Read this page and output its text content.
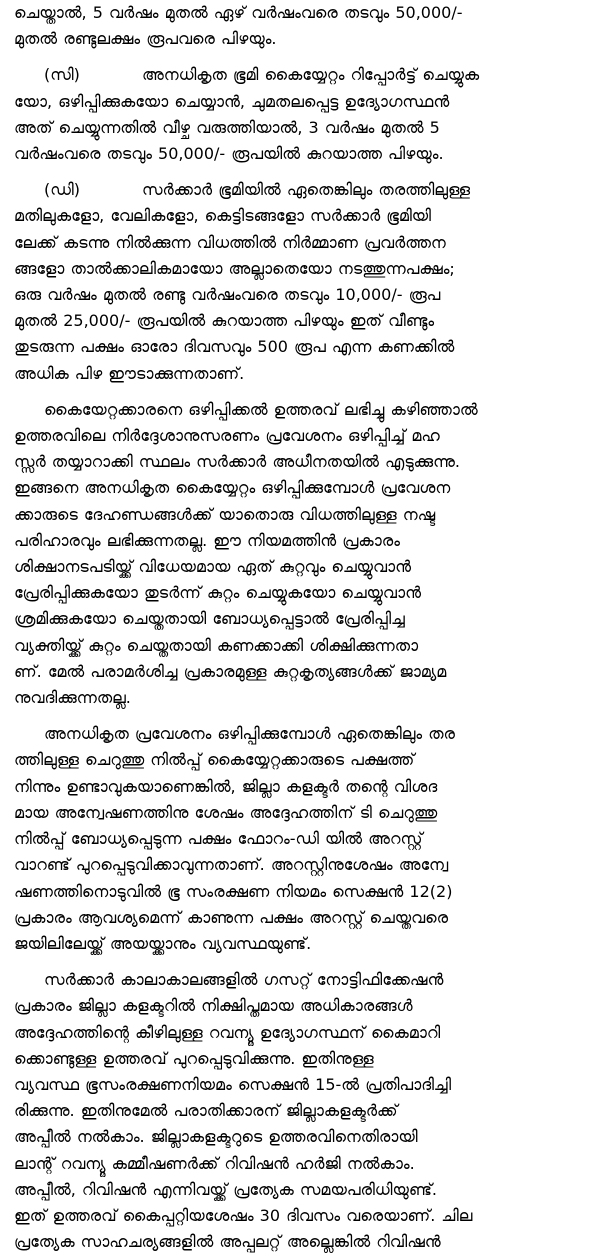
ചെയ്താൽ, 5 വർഷം മുതൽ ഏഴ് വർഷംവരെ തടവും 50,000/-
മുതൽ രണ്ടുലക്ഷം രൂപവരെ പിഴയും.
(സി)	അനധികൃത ഭൂമി കൈയ്യേറ്റം റിപ്പോർട്ട് ചെയ്യുക
യോ, ഒഴിപ്പിക്കുകയോ ചെയ്യാൻ, ചുമതലപ്പെട്ട ഉദ്യോഗസ്ഥൻ
അത് ചെയ്യുന്നതിൽ വീഴ്ച വരുത്തിയാൽ, 3 വർഷം മുതൽ 5
വർഷംവരെ തടവും 50,000/- രൂപയിൽ കുറയാത്ത പിഴയും.
(ഡി)	സർക്കാർ ഭൂമിയിൽ ഏതെങ്കിലും തരത്തിലുള്ള
മതിലുകളോ, വേലികളോ, കെട്ടിടങ്ങളോ സർക്കാർ ഭൂമിയി
ലേക്ക് കടന്നു നിൽക്കുന്ന വിധത്തിൽ നിർമ്മാണ പ്രവർത്തന
ങ്ങളോ താൽക്കാലികമായോ അല്ലാതെയോ നടത്തുന്നപക്ഷം;
ഒരു വർഷം മുതൽ രണ്ടു വർഷംവരെ തടവും 10,000/- രൂപ
മുതൽ 25,000/- രൂപയിൽ കുറയാത്ത പിഴയും ഇത് വീണ്ടും
തുടരുന്ന പക്ഷം ഓരോ ദിവസവും 500 രൂപ എന്ന കണക്കിൽ
അധിക പിഴ ഈടാക്കുന്നതാണ്.
കൈയേറ്റക്കാരനെ ഒഴിപ്പിക്കൽ ഉത്തരവ് ലഭിച്ചു കഴിഞ്ഞാൽ
ഉത്തരവിലെ നിർദ്ദേശാനുസരണം പ്രവേശനം ഒഴിപ്പിച്ച് മഹ
സ്സർ തയ്യാറാക്കി സ്ഥലം സർക്കാർ അധീനതയിൽ എടുക്കുന്നു.
ഇങ്ങനെ അനധികൃത കൈയ്യേറ്റം ഒഴിപ്പിക്കുമ്പോൾ പ്രവേശന
ക്കാരുടെ ദേഹണ്ഡങ്ങൾക്ക് യാതൊരു വിധത്തിലുള്ള നഷ്ട
പരിഹാരവും ലഭിക്കുന്നതല്ല. ഈ നിയമത്തിൻ പ്രകാരം
ശിക്ഷാനടപടിയ്ക്ക് വിധേയമായ ഏത് കുറ്റവും ചെയ്യുവാൻ
പ്രേരിപ്പിക്കുകയോ തുടർന്ന് കുറ്റം ചെയ്യുകയോ ചെയ്യുവാൻ
ശ്രമിക്കുകയോ ചെയ്തതായി ബോധ്യപ്പെട്ടാൽ പ്രേരിപ്പിച്ച
വ്യക്തിയ്ക്ക് കുറ്റം ചെയ്തതായി കണക്കാക്കി ശിക്ഷിക്കുന്നതാ
ണ്. മേൽ പരാമർശിച്ച പ്രകാരമുള്ള കുറ്റകൃത്യങ്ങൾക്ക് ജാമ്യമ
നുവദിക്കുന്നതല്ല.
അനധികൃത പ്രവേശനം ഒഴിപ്പിക്കുമ്പോൾ ഏതെങ്കിലും തര
ത്തിലുള്ള ചെറുത്തു നിൽപ്പ് കൈയ്യേറ്റക്കാരുടെ പക്ഷത്ത്
നിന്നും ഉണ്ടാവുകയാണെങ്കിൽ, ജില്ലാ കളക്ടർ തന്റെ വിശദ
മായ അന്വേഷണത്തിനു ശേഷം അദ്ദേഹത്തിന് ടി ചെറുത്തു
നിൽപ്പ് ബോധ്യപ്പെടുന്ന പക്ഷം ഫോറം-ഡി യിൽ അറസ്റ്റ്
വാറണ്ട് പുറപ്പെടുവിക്കാവുന്നതാണ്. അറസ്റ്റിനുശേഷം അന്വേ
ഷണത്തിനൊടുവിൽ ഭൂ സംരക്ഷണ നിയമം സെക്ഷൻ 12(2)
പ്രകാരം ആവശ്യമെന്ന് കാണുന്ന പക്ഷം അറസ്റ്റ് ചെയ്തവരെ
ജയിലിലേയ്ക്ക് അയയ്ക്കാനും വ്യവസ്ഥയുണ്ട്.
സർക്കാർ കാലാകാലങ്ങളിൽ ഗസറ്റ് നോട്ടിഫിക്കേഷൻ
പ്രകാരം ജില്ലാ കളക്ടറിൽ നിക്ഷിപ്തമായ അധികാരങ്ങൾ
അദ്ദേഹത്തിന്റെ കീഴിലുള്ള റവന്യൂ ഉദ്യോഗസ്ഥന് കൈമാറി
ക്കൊണ്ടുള്ള ഉത്തരവ് പുറപ്പെടുവിക്കുന്നു. ഇതിനുള്ള
വ്യവസ്ഥ ഭൂസംരക്ഷണനിയമം സെക്ഷൻ 15-ൽ പ്രതിപാദിച്ചി
രിക്കുന്നു. ഇതിനുമേൽ പരാതിക്കാരന് ജില്ലാകളക്ടർക്ക്
അപ്പീൽ നൽകാം. ജില്ലാകളക്ടറുടെ ഉത്തരവിനെതിരായി
ലാന്റ് റവന്യൂ കമ്മീഷണർക്ക് റിവിഷൻ ഹർജി നൽകാം.
അപ്പീൽ, റിവിഷൻ എന്നിവയ്ക്ക് പ്രത്യേക സമയപരിധിയുണ്ട്.
ഇത് ഉത്തരവ് കൈപ്പറ്റിയശേഷം 30 ദിവസം വരെയാണ്. ചില
പ്രത്യേക സാഹചര്യങ്ങളിൽ അപ്പലറ്റ് അല്ലെങ്കിൽ റിവിഷൻ
